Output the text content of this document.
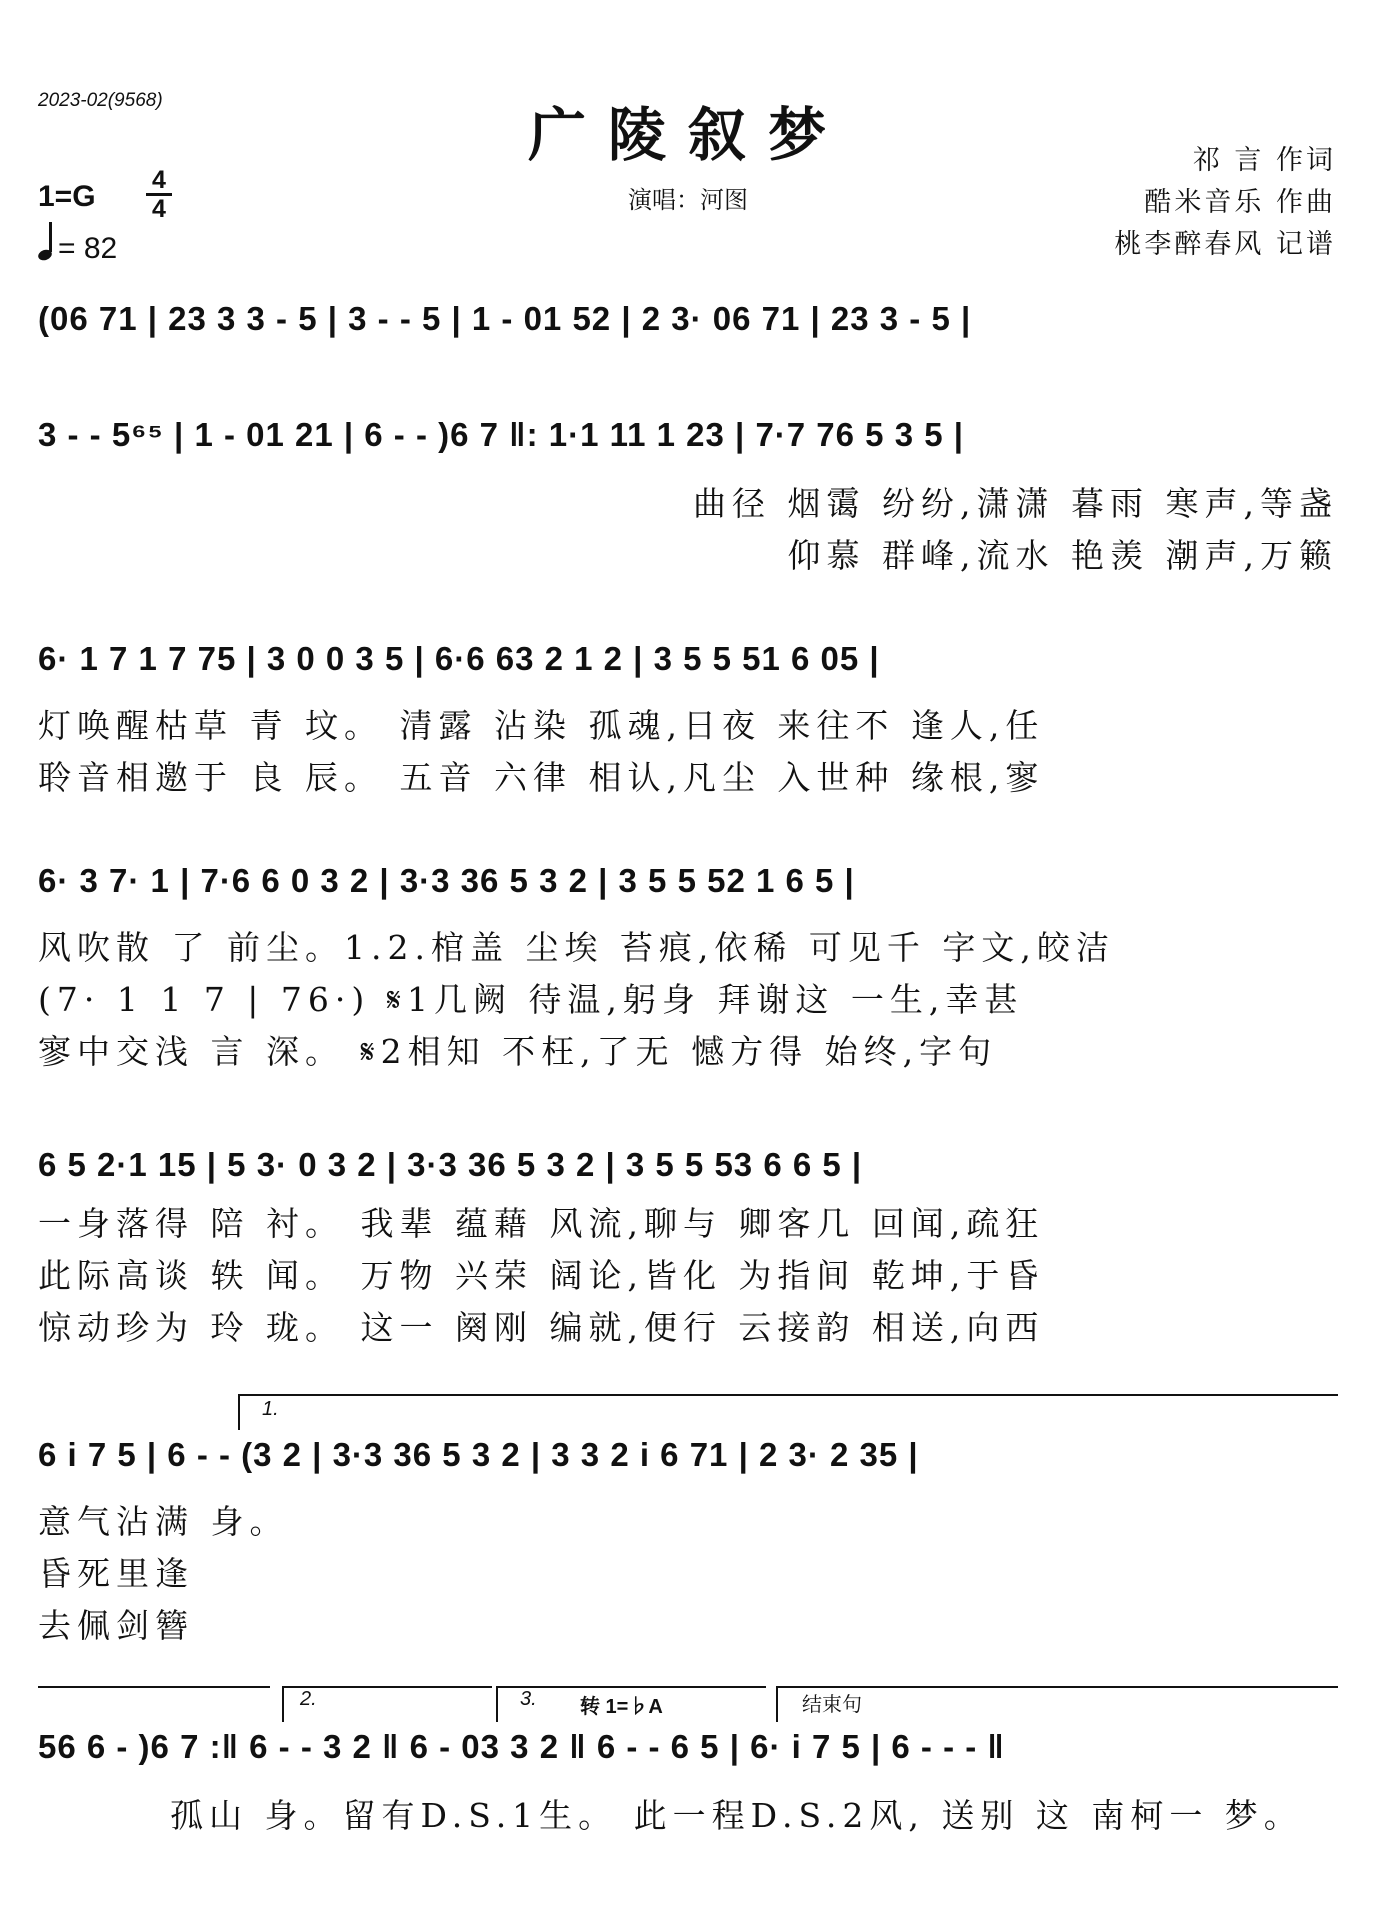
2023-02(9568)
广陵叙梦
演唱：河图
祁 言 作词
酷米音乐 作曲
桃李醉春风 记谱
1=G 4
4
= 82
(06 71 | 23 3 3 - 5 | 3 - - 5 | 1 - 01 52 | 2 3· 06 71 | 23 3 - 5 |
3 - - 5⁶⁵ | 1 - 01 21 | 6 - - )6 7 ‖: 1·1 11 1 23 | 7·7 76 5 3 5 |
曲径 烟霭 纷纷,潇潇 暮雨 寒声,等盏
仰慕 群峰,流水 艳羡 潮声,万籁
6· 1 7 1 7 75 | 3 0 0 3 5 | 6·6 63 2 1 2 | 3 5 5 51 6 05 |
灯唤醒枯草 青 坟。 清露 沾染 孤魂,日夜 来往不 逢人,任
聆音相邀于 良 辰。 五音 六律 相认,凡尘 入世种 缘根,寥
6· 3 7· 1 | 7·6 6 0 3 2 | 3·3 36 5 3 2 | 3 5 5 52 1 6 5 |
风吹散 了 前尘。1.2.棺盖 尘埃 苔痕,依稀 可见千 字文,皎洁
(7· 1 1 7 | 76·) 𝄋1几阙 待温,躬身 拜谢这 一生,幸甚
寥中交浅 言 深。 𝄋2相知 不枉,了无 憾方得 始终,字句
6 5 2·1 15 | 5 3· 0 3 2 | 3·3 36 5 3 2 | 3 5 5 53 6 6 5 |
一身落得 陪 衬。 我辈 蕴藉 风流,聊与 卿客几 回闻,疏狂
此际高谈 轶 闻。 万物 兴荣 阔论,皆化 为指间 乾坤,于昏
惊动珍为 玲 珑。 这一 阕刚 编就,便行 云接韵 相送,向西
1.
6 i 7 5 | 6 - - (3 2 | 3·3 36 5 3 2 | 3 3 2 i 6 71 | 2 3· 2 35 |
意气沾满 身。
昏死里逢
去佩剑簪
2.	3. 转 1=♭A	结束句
56 6 - )6 7 :‖ 6 - - 3 2 ‖ 6 - 03 3 2 ‖ 6 - - 6 5 | 6· i 7 5 | 6 - - - ‖
孤山 身。留有D.S.1生。 此一程D.S.2风, 送别 这 南柯一 梦。
